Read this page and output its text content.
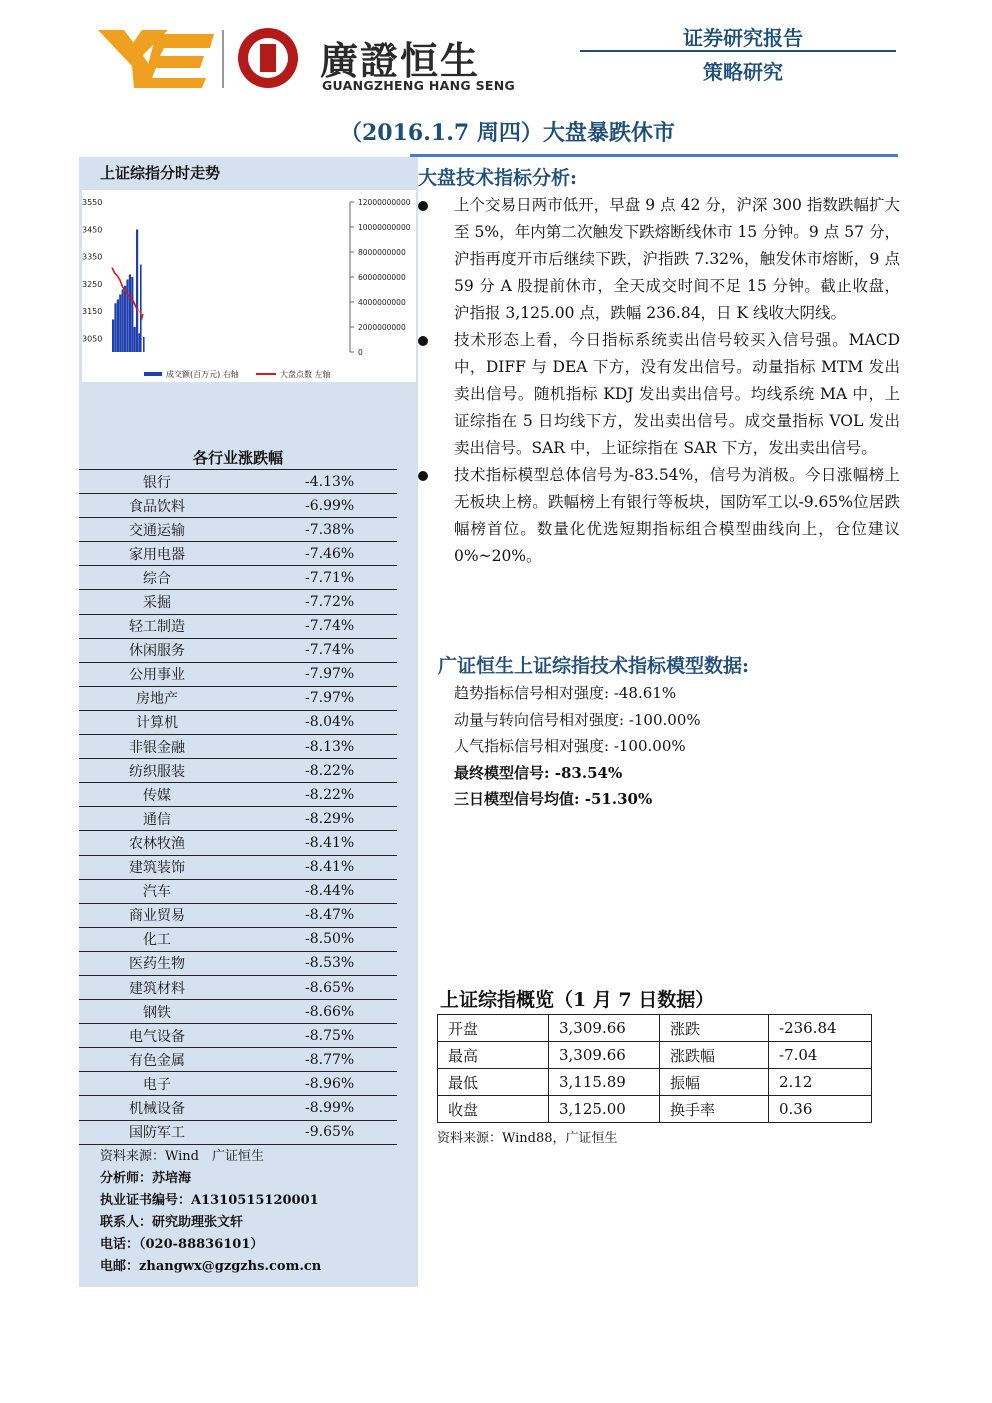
廣證恒生
GUANGZHENG HANG SENG
证券研究报告
策略研究
（2016.1.7 周四）大盘暴跌休市
上证综指分时走势
3550
3450
3350
3250
3150
3050
12000000000
10000000000
8000000000
6000000000
4000000000
2000000000
0
成交额(百万元) 右轴	大盘点数 左轴
各行业涨跌幅
银行	-4.13%
食品饮料	-6.99%
交通运输	-7.38%
家用电器	-7.46%
综合	-7.71%
采掘	-7.72%
轻工制造	-7.74%
休闲服务	-7.74%
公用事业	-7.97%
房地产	-7.97%
计算机	-8.04%
非银金融	-8.13%
纺织服装	-8.22%
传媒	-8.22%
通信	-8.29%
农林牧渔	-8.41%
建筑装饰	-8.41%
汽车	-8.44%
商业贸易	-8.47%
化工	-8.50%
医药生物	-8.53%
建筑材料	-8.65%
钢铁	-8.66%
电气设备	-8.75%
有色金属	-8.77%
电子	-8.96%
机械设备	-8.99%
国防军工	-9.65%
资料来源：Wind　广证恒生
分析师：苏培海
执业证书编号：A1310515120001
联系人：研究助理张文轩
电话：（020-88836101）
电邮：zhangwx@gzgzhs.com.cn
大盘技术指标分析:
上个交易日两市低开，早盘 9 点 42 分，沪深 300 指数跌幅扩大至 5%，年内第二次触发下跌熔断线休市 15 分钟。9 点 57 分，沪指再度开市后继续下跌，沪指跌 7.32%，触发休市熔断，9 点 59 分 A 股提前休市，全天成交时间不足 15 分钟。截止收盘，沪指报 3,125.00 点，跌幅 236.84，日 K 线收大阴线。
技术形态上看，今日指标系统卖出信号较买入信号强。MACD 中，DIFF 与 DEA 下方，没有发出信号。动量指标 MTM 发出卖出信号。随机指标 KDJ 发出卖出信号。均线系统 MA 中，上证综指在 5 日均线下方，发出卖出信号。成交量指标 VOL 发出卖出信号。SAR 中，上证综指在 SAR 下方，发出卖出信号。
技术指标模型总体信号为-83.54%，信号为消极。今日涨幅榜上无板块上榜。跌幅榜上有银行等板块，国防军工以-9.65%位居跌幅榜首位。数量化优选短期指标组合模型曲线向上，仓位建议 0%~20%。
广证恒生上证综指技术指标模型数据:
趋势指标信号相对强度: -48.61%
动量与转向信号相对强度: -100.00%
人气指标信号相对强度: -100.00%
最终模型信号: -83.54%
三日模型信号均值: -51.30%
上证综指概览（1 月 7 日数据）
开盘	3,309.66	涨跌	-236.84
最高	3,309.66	涨跌幅	-7.04
最低	3,115.89	振幅	2.12
收盘	3,125.00	换手率	0.36
资料来源：Wind88，广证恒生
